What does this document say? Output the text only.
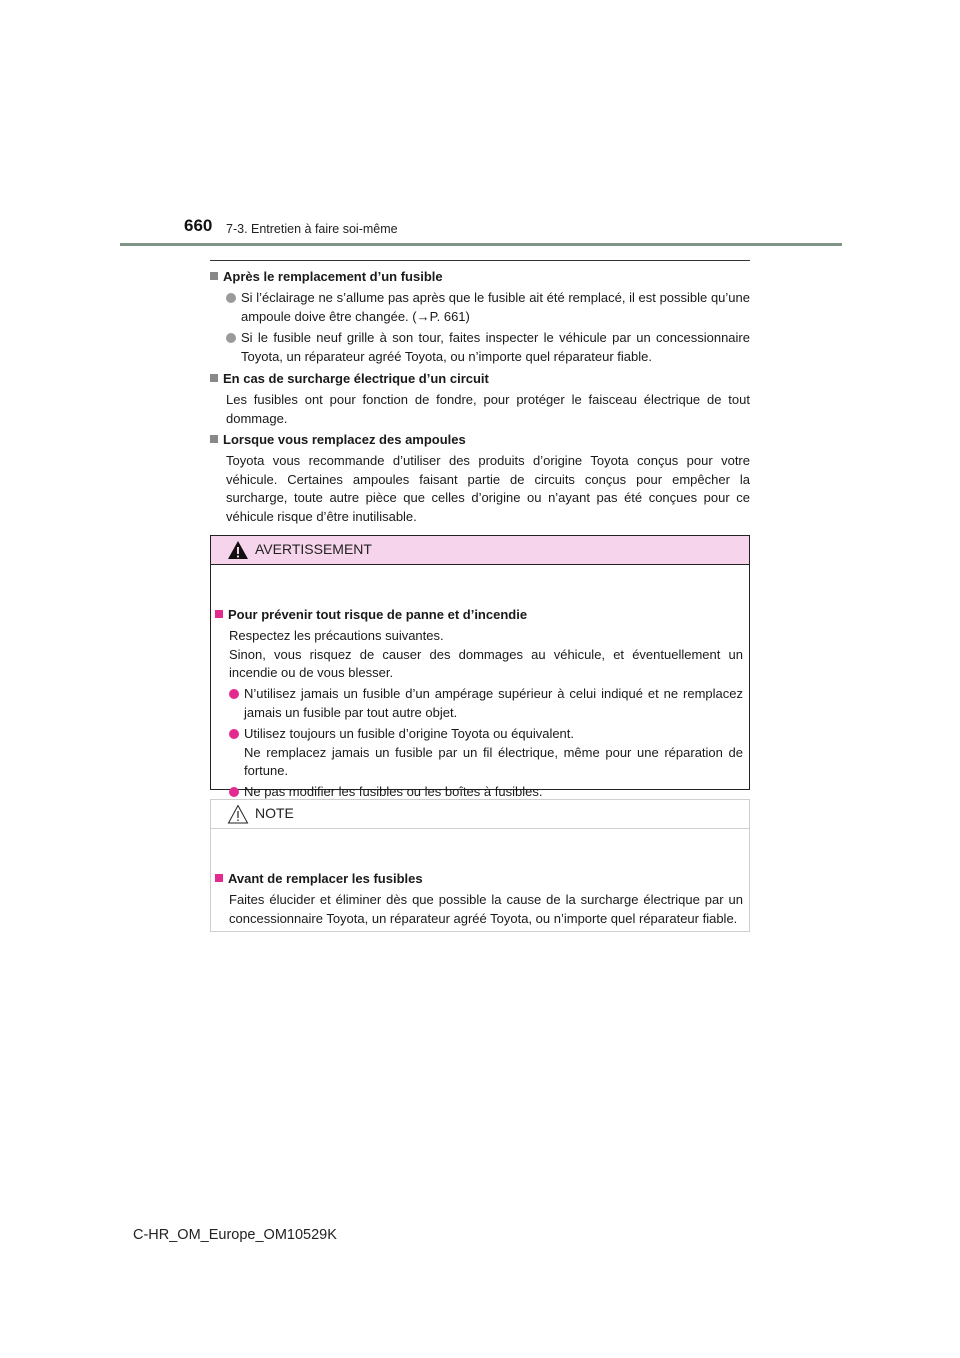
660 7-3. Entretien à faire soi-même
Après le remplacement d’un fusible
Si l’éclairage ne s’allume pas après que le fusible ait été remplacé, il est possible qu’une ampoule doive être changée. (→P. 661)
Si le fusible neuf grille à son tour, faites inspecter le véhicule par un concessionnaire Toyota, un réparateur agréé Toyota, ou n’importe quel réparateur fiable.
En cas de surcharge électrique d’un circuit
Les fusibles ont pour fonction de fondre, pour protéger le faisceau électrique de tout dommage.
Lorsque vous remplacez des ampoules
Toyota vous recommande d’utiliser des produits d’origine Toyota conçus pour votre véhicule. Certaines ampoules faisant partie de circuits conçus pour empêcher la surcharge, toute autre pièce que celles d’origine ou n’ayant pas été conçues pour ce véhicule risque d’être inutilisable.
AVERTISSEMENT
Pour prévenir tout risque de panne et d’incendie
Respectez les précautions suivantes.
Sinon, vous risquez de causer des dommages au véhicule, et éventuellement un incendie ou de vous blesser.
N’utilisez jamais un fusible d’un ampérage supérieur à celui indiqué et ne remplacez jamais un fusible par tout autre objet.
Utilisez toujours un fusible d’origine Toyota ou équivalent.
Ne remplacez jamais un fusible par un fil électrique, même pour une réparation de fortune.
Ne pas modifier les fusibles ou les boîtes à fusibles.
NOTE
Avant de remplacer les fusibles
Faites élucider et éliminer dès que possible la cause de la surcharge électrique par un concessionnaire Toyota, un réparateur agréé Toyota, ou n’importe quel réparateur fiable.
C-HR_OM_Europe_OM10529K
